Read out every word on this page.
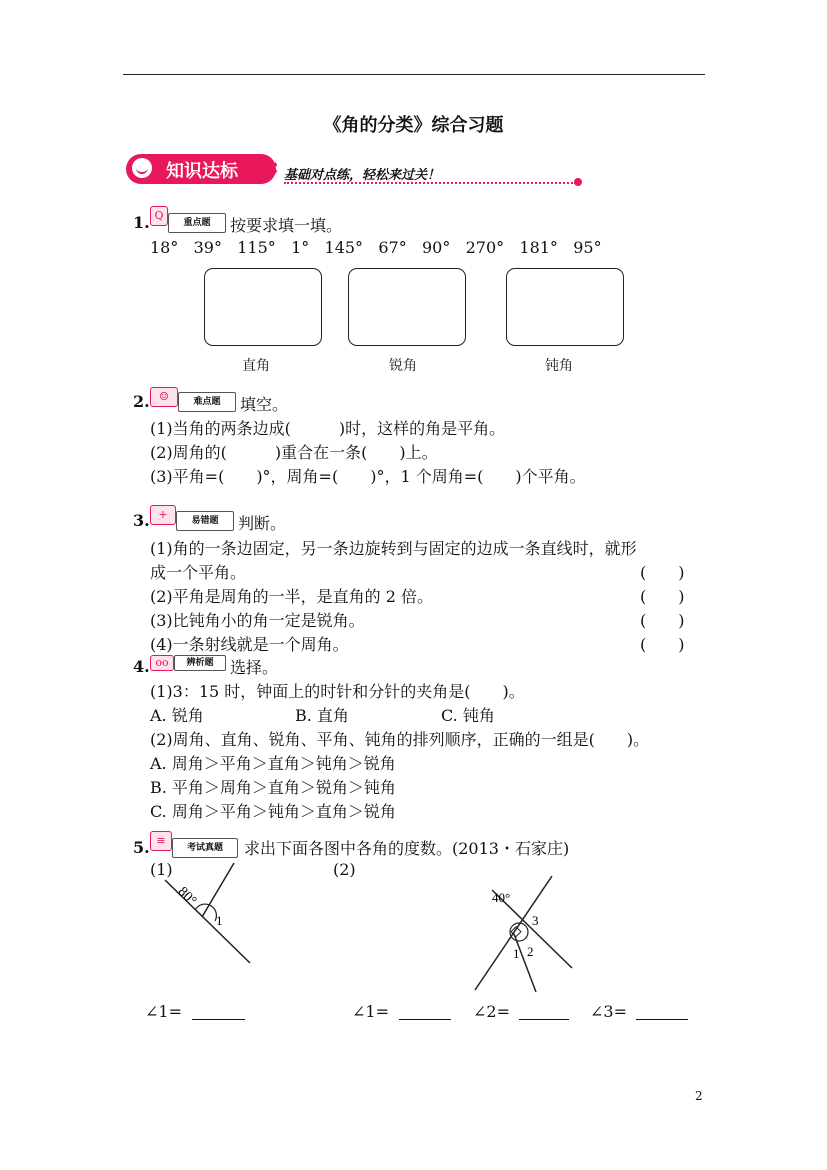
《角的分类》综合习题
知识达标 ✲ 基础对点练，轻松来过关！
1. Q
重点题	按要求填一填。
18° 39° 115° 1° 145° 67° 90° 270° 181° 95°
直角	锐角	钝角
2. ☺	难点题	填空。
(1)当角的两条边成(　　　)时，这样的角是平角。
(2)周角的(　　　)重合在一条(　　)上。
(3)平角=(　　)°，周角=(　　)°，1 个周角=(　　)个平角。
3. +	易错题	判断。
(1)角的一条边固定，另一条边旋转到与固定的边成一条直线时，就形
成一个平角。	(　　)
(2)平角是周角的一半，是直角的 2 倍。	(　　)
(3)比钝角小的角一定是锐角。	(　　)
(4)一条射线就是一个周角。	(　　)
4. oo	辨析题	选择。
(1)3：15 时，钟面上的时针和分针的夹角是(　　)。
A. 锐角	B. 直角	C. 钝角
(2)周角、直角、锐角、平角、钝角的排列顺序，正确的一组是(　　)。
A. 周角＞平角＞直角＞钝角＞锐角
B. 平角＞周角＞直角＞锐角＞钝角
C. 周角＞平角＞钝角＞直角＞锐角
5. ≡
考试真题	求出下面各图中各角的度数。(2013・石家庄)
(1)	(2)
80°
1
40°
3
1 2
∠1=	∠1=	∠2=	∠3=
2
